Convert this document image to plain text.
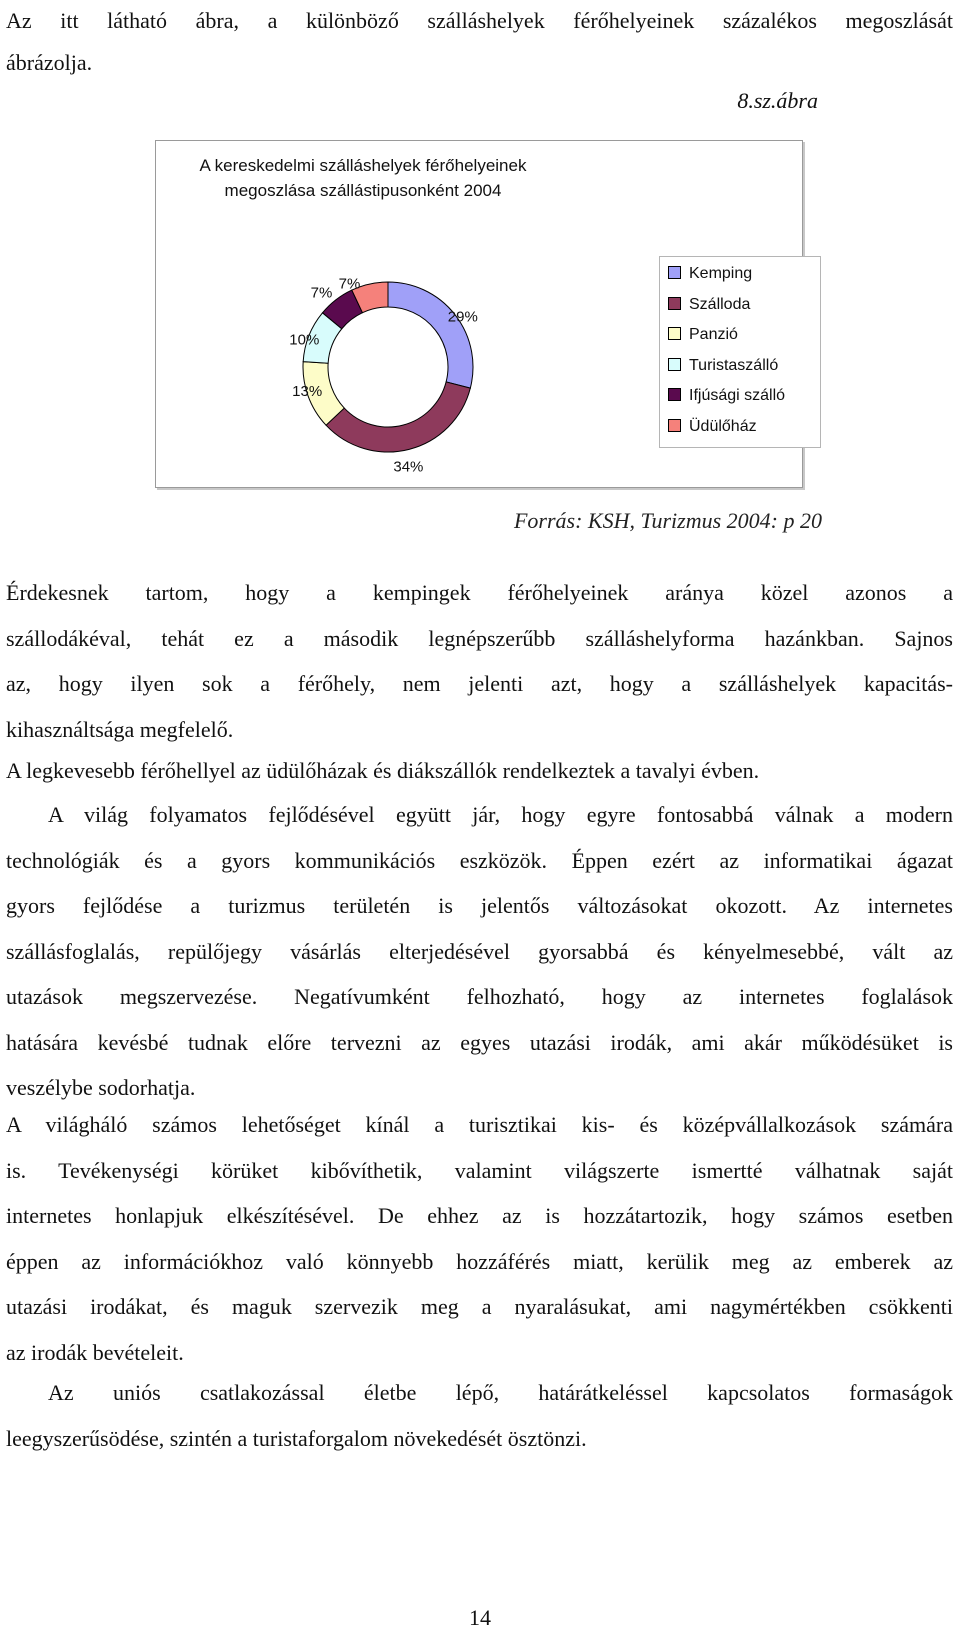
Az itt látható ábra, a különböző szálláshelyek férőhelyeinek százalékos megoszlását
ábrázolja.
8.sz.ábra
A kereskedelmi szálláshelyek férőhelyeinek
megoszlása szállástipusonként 2004
29%
34%
13%
10%
7%
7%
Kemping
Szálloda
Panzió
Turistaszálló
Ifjúsági szálló
Üdülőház
Forrás: KSH, Turizmus 2004: p 20
Érdekesnek tartom, hogy a kempingek férőhelyeinek aránya közel azonos a
szállodákéval, tehát ez a második legnépszerűbb szálláshelyforma hazánkban. Sajnos
az, hogy ilyen sok a férőhely, nem jelenti azt, hogy a szálláshelyek kapacitás-
kihasználtsága megfelelő.
A legkevesebb férőhellyel az üdülőházak és diákszállók rendelkeztek a tavalyi évben.
A világ folyamatos fejlődésével együtt jár, hogy egyre fontosabbá válnak a modern
technológiák és a gyors kommunikációs eszközök. Éppen ezért az informatikai ágazat
gyors fejlődése a turizmus területén is jelentős változásokat okozott. Az internetes
szállásfoglalás, repülőjegy vásárlás elterjedésével gyorsabbá és kényelmesebbé, vált az
utazások megszervezése. Negatívumként felhozható, hogy az internetes foglalások
hatására kevésbé tudnak előre tervezni az egyes utazási irodák, ami akár működésüket is
veszélybe sodorhatja.
A világháló számos lehetőséget kínál a turisztikai kis- és középvállalkozások számára
is. Tevékenységi körüket kibővíthetik, valamint világszerte ismertté válhatnak saját
internetes honlapjuk elkészítésével. De ehhez az is hozzátartozik, hogy számos esetben
éppen az információkhoz való könnyebb hozzáférés miatt, kerülik meg az emberek az
utazási irodákat, és maguk szervezik meg a nyaralásukat, ami nagymértékben csökkenti
az irodák bevételeit.
Az uniós csatlakozással életbe lépő, határátkeléssel kapcsolatos formaságok
leegyszerűsödése, szintén a turistaforgalom növekedését ösztönzi.
14
